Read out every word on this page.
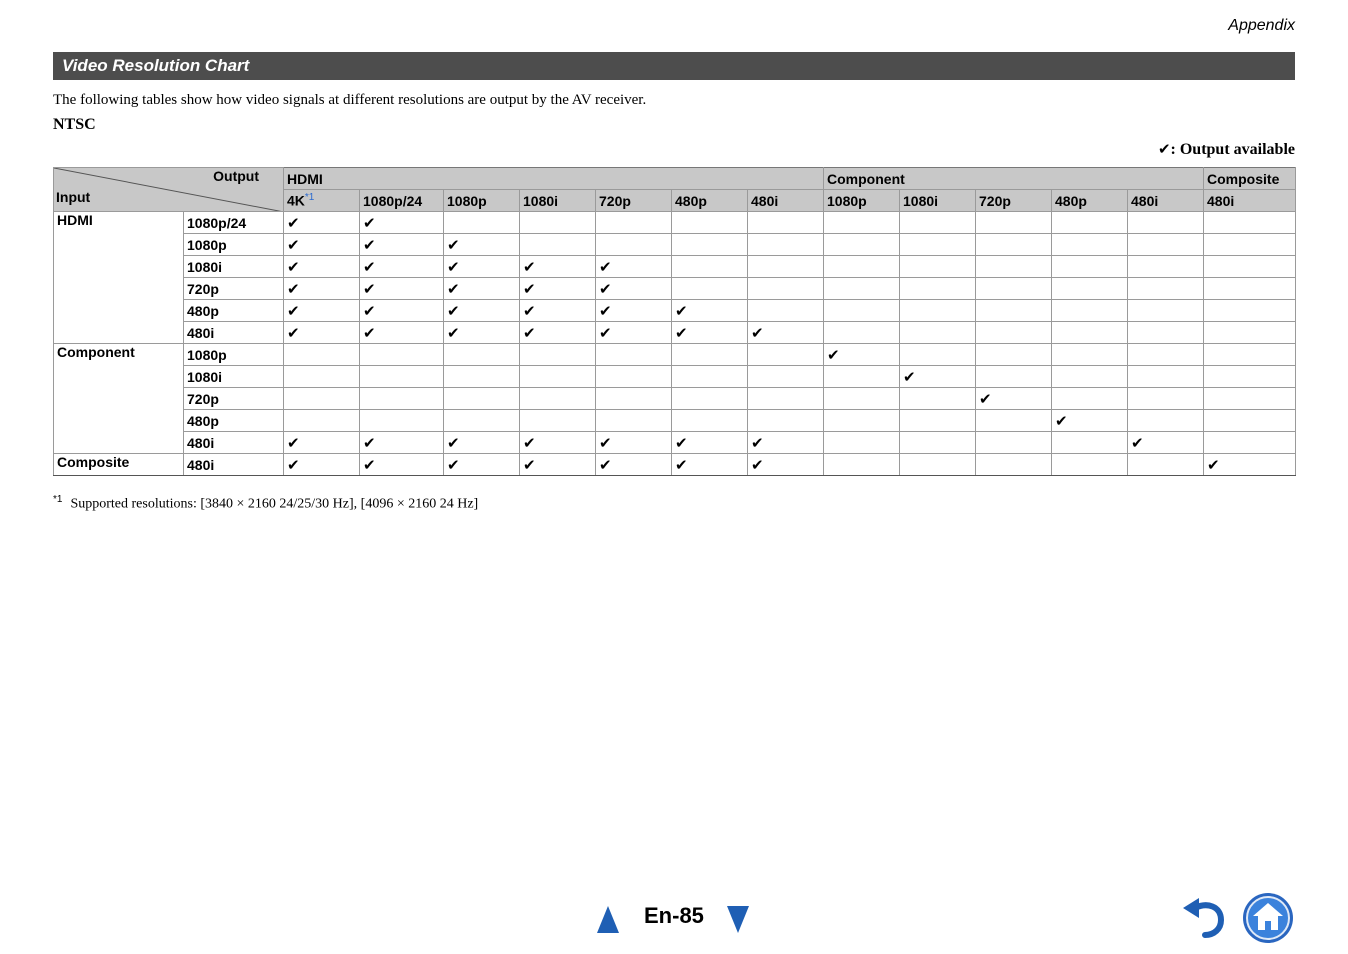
Appendix
Video Resolution Chart
The following tables show how video signals at different resolutions are output by the AV receiver.
NTSC
✔: Output available
Output
Input		HDMI							Component					Composite
		$4K^{*1}$	1080p/24	1080p	1080i	720p	480p	480i	1080p	1080i	720p	480p	480i	480i
HDMI	1080p/24	✔	✔											
	1080p	✔	✔	✔										
	1080i	✔	✔	✔	✔	✔								
	720p	✔	✔	✔	✔	✔								
	480p	✔	✔	✔	✔	✔	✔							
	480i	✔	✔	✔	✔	✔	✔	✔						
Component	1080p								✔					
	1080i									✔				
	720p										✔			
	480p											✔		
	480i	✔	✔	✔	✔	✔	✔	✔					✔	
Composite	480i	✔	✔	✔	✔	✔	✔	✔						✔
$^{*1}$ Supported resolutions: [3840 × 2160 24/25/30 Hz], [4096 × 2160 24 Hz]
En-85
